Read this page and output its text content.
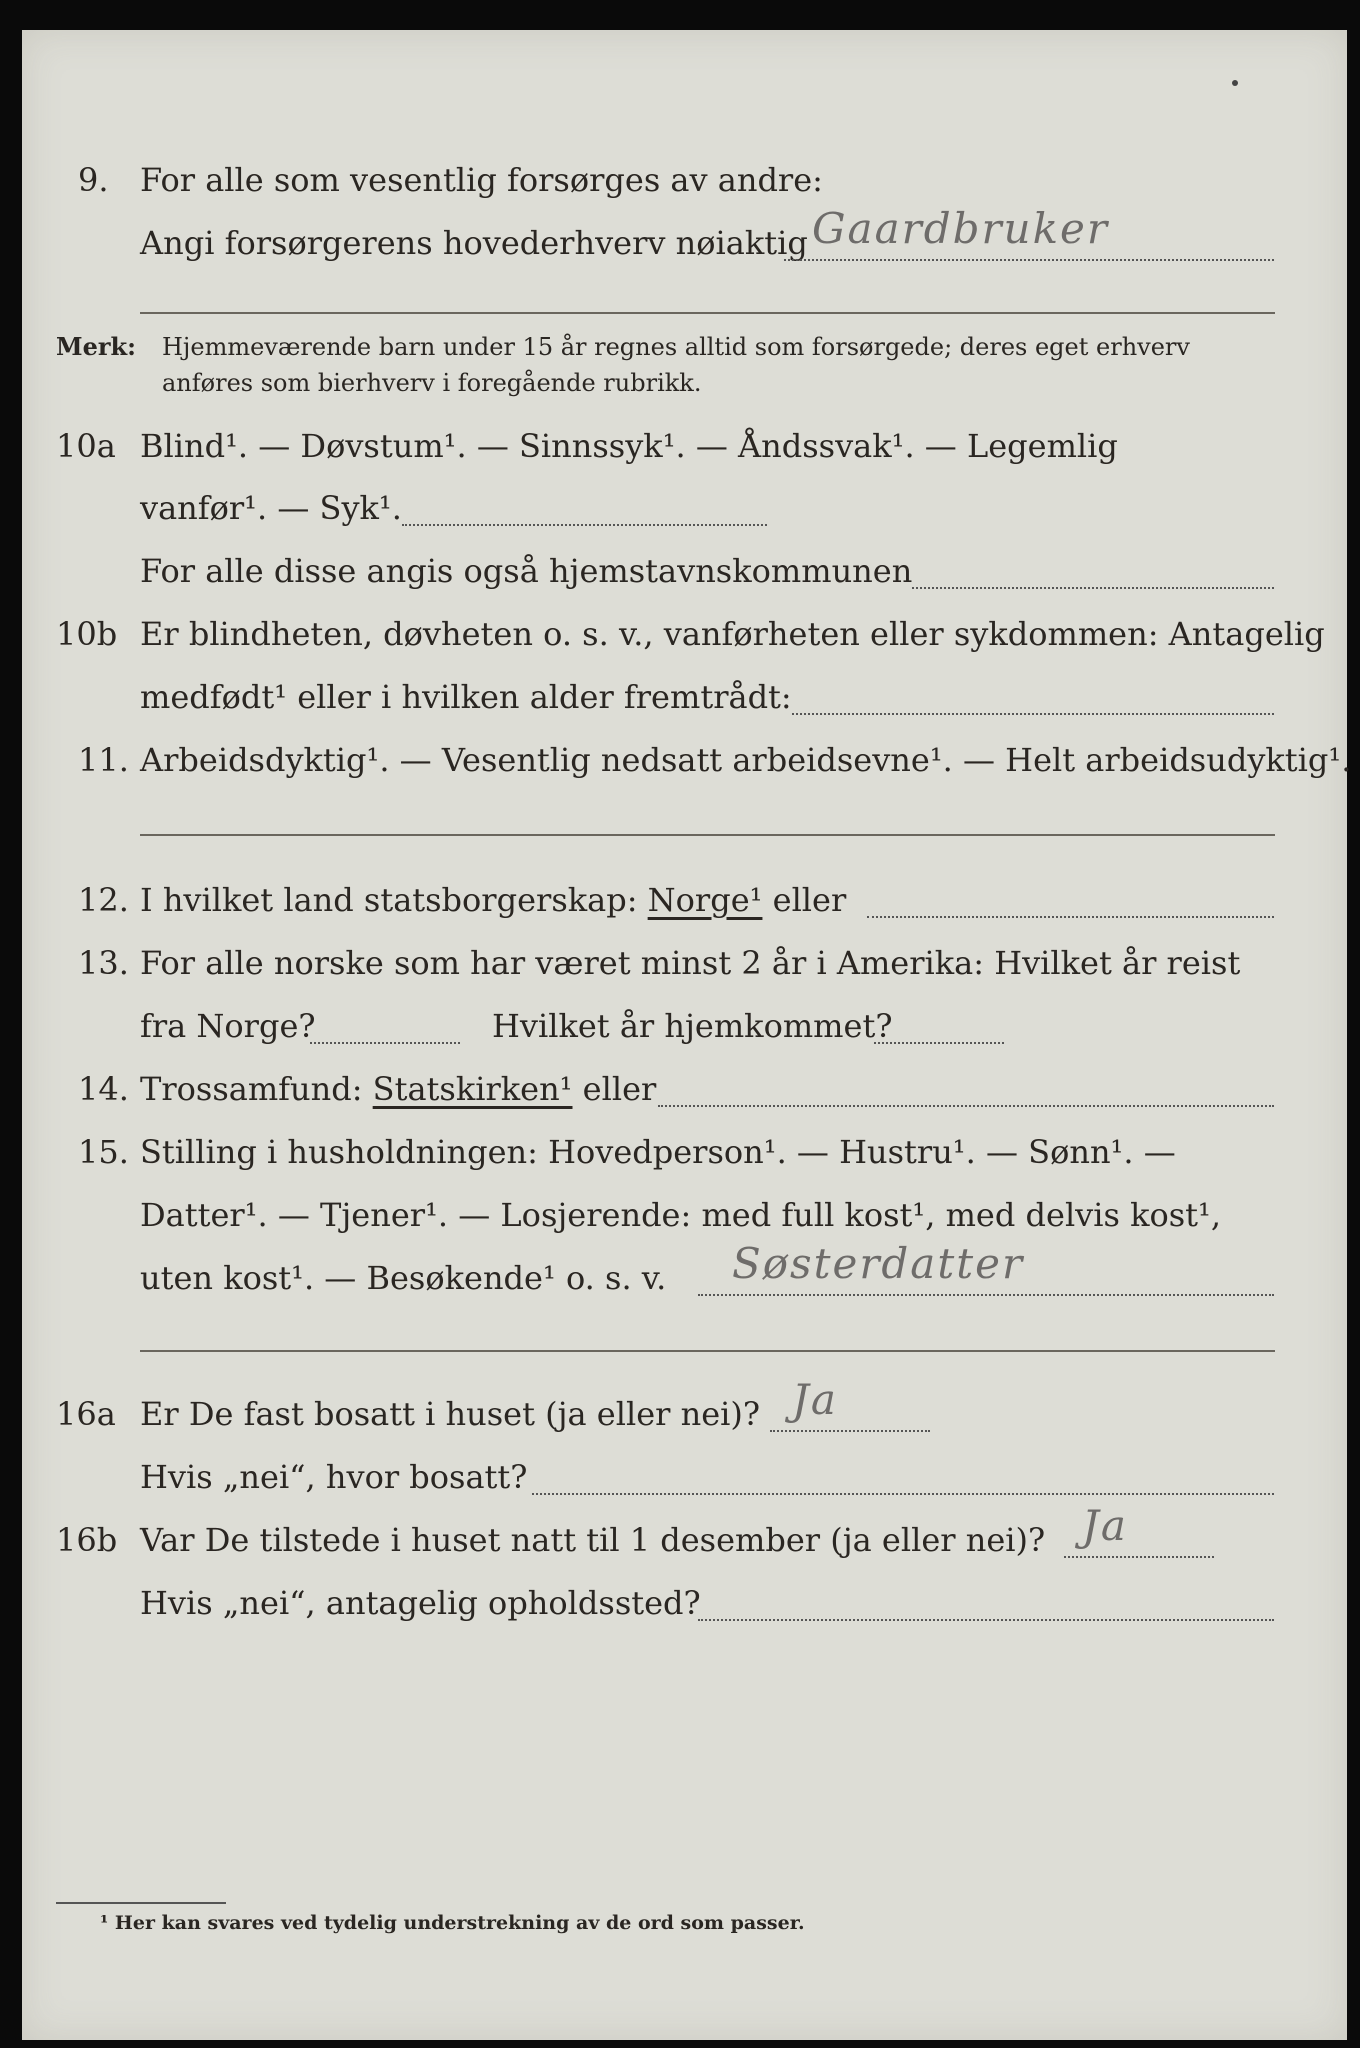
9. For alle som vesentlig forsørges av andre:
Angi forsørgerens hovederhverv nøiaktig Gaardbruker
Merk: Hjemmeværende barn under 15 år regnes alltid som forsørgede; deres eget erhverv
anføres som bierhverv i foregående rubrikk.
10a Blind¹. — Døvstum¹. — Sinnssyk¹. — Åndssvak¹. — Legemlig
vanfør¹. — Syk¹.
For alle disse angis også hjemstavnskommunen
10b Er blindheten, døvheten o. s. v., vanførheten eller sykdommen: Antagelig
medfødt¹ eller i hvilken alder fremtrådt:
11. Arbeidsdyktig¹. — Vesentlig nedsatt arbeidsevne¹. — Helt arbeidsudyktig¹.
12. I hvilket land statsborgerskap: Norge¹ eller
13. For alle norske som har været minst 2 år i Amerika: Hvilket år reist
fra Norge?	Hvilket år hjemkommet?
14. Trossamfund: Statskirken¹ eller
15. Stilling i husholdningen: Hovedperson¹. — Hustru¹. — Sønn¹. —
Datter¹. — Tjener¹. — Losjerende: med full kost¹, med delvis kost¹,
uten kost¹. — Besøkende¹ o. s. v. Søsterdatter
16a Er De fast bosatt i huset (ja eller nei)? Ja
Hvis „nei“, hvor bosatt?
16b Var De tilstede i huset natt til 1 desember (ja eller nei)? Ja
Hvis „nei“, antagelig opholdssted?
¹ Her kan svares ved tydelig understrekning av de ord som passer.
